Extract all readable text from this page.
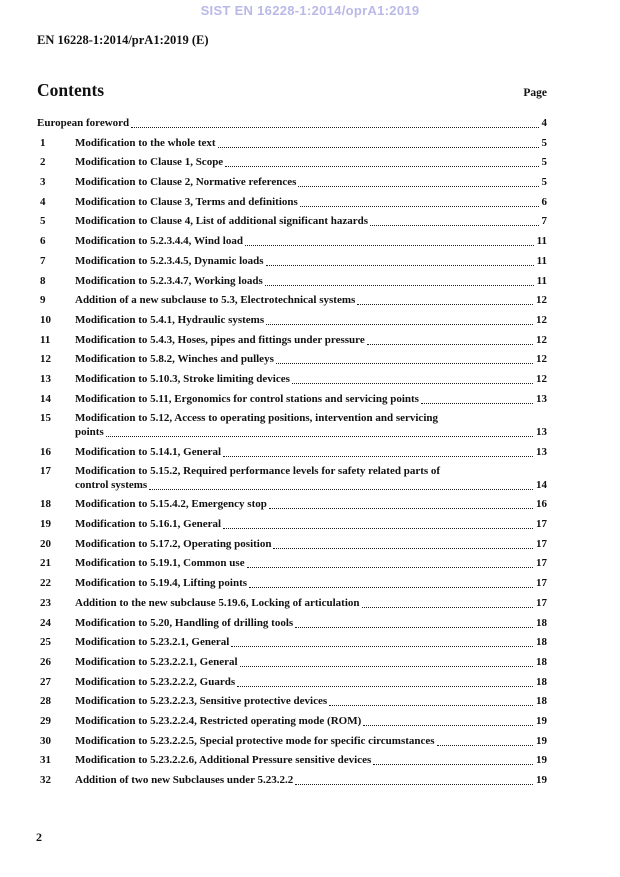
SIST EN 16228-1:2014/oprA1:2019
EN 16228-1:2014/prA1:2019 (E)
Contents	Page
European foreword	4
1	Modification to the whole text	5
2	Modification to Clause 1, Scope	5
3	Modification to Clause 2, Normative references	5
4	Modification to Clause 3, Terms and definitions	6
5	Modification to Clause 4, List of additional significant hazards	7
6	Modification to 5.2.3.4.4, Wind load	11
7	Modification to 5.2.3.4.5, Dynamic loads	11
8	Modification to 5.2.3.4.7, Working loads	11
9	Addition of a new subclause to 5.3, Electrotechnical systems	12
10 Modification to 5.4.1, Hydraulic systems	12
11 Modification to 5.4.3, Hoses, pipes and fittings under pressure	12
12 Modification to 5.8.2, Winches and pulleys	12
13 Modification to 5.10.3, Stroke limiting devices	12
14 Modification to 5.11, Ergonomics for control stations and servicing points	13
15 Modification to 5.12, Access to operating positions, intervention and servicing
points	13
16 Modification to 5.14.1, General	13
17 Modification to 5.15.2, Required performance levels for safety related parts of
control systems	14
18 Modification to 5.15.4.2, Emergency stop	16
19 Modification to 5.16.1, General	17
20 Modification to 5.17.2, Operating position	17
21 Modification to 5.19.1, Common use	17
22 Modification to 5.19.4, Lifting points	17
23 Addition to the new subclause 5.19.6, Locking of articulation	17
24 Modification to 5.20, Handling of drilling tools	18
25 Modification to 5.23.2.1, General	18
26 Modification to 5.23.2.2.1, General	18
27 Modification to 5.23.2.2.2, Guards	18
28 Modification to 5.23.2.2.3, Sensitive protective devices	18
29 Modification to 5.23.2.2.4, Restricted operating mode (ROM)	19
30 Modification to 5.23.2.2.5, Special protective mode for specific circumstances	19
31 Modification to 5.23.2.2.6, Additional Pressure sensitive devices	19
32 Addition of two new Subclauses under 5.23.2.2	19
2
